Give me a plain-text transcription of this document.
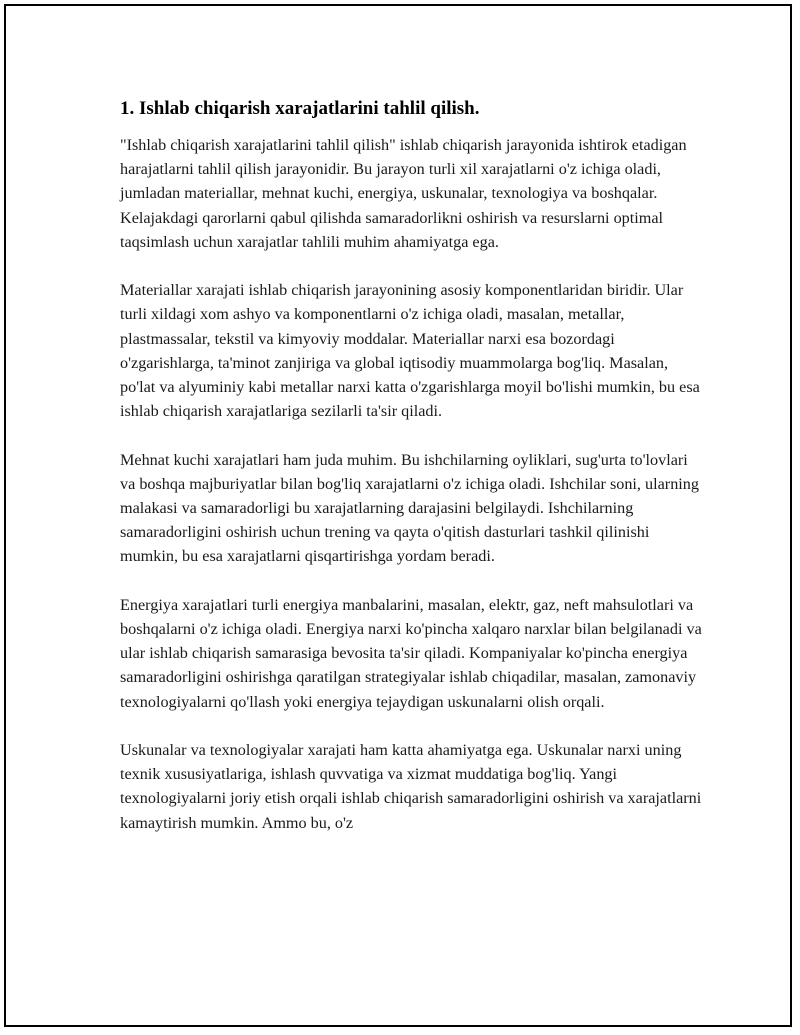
1. Ishlab chiqarish xarajatlarini tahlil qilish.

"Ishlab chiqarish xarajatlarini tahlil qilish" ishlab chiqarish jarayonida ishtirok etadigan harajatlarni tahlil qilish jarayonidir. Bu jarayon turli xil xarajatlarni o'z ichiga oladi, jumladan materiallar, mehnat kuchi, energiya, uskunalar, texnologiya va boshqalar. Kelajakdagi qarorlarni qabul qilishda samaradorlikni oshirish va resurslarni optimal taqsimlash uchun xarajatlar tahlili muhim ahamiyatga ega.

Materiallar xarajati ishlab chiqarish jarayonining asosiy komponentlaridan biridir. Ular turli xildagi xom ashyo va komponentlarni o'z ichiga oladi, masalan, metallar, plastmassalar, tekstil va kimyoviy moddalar. Materiallar narxi esa bozordagi o'zgarishlarga, ta'minot zanjiriga va global iqtisodiy muammolarga bog'liq. Masalan, po'lat va alyuminiy kabi metallar narxi katta o'zgarishlarga moyil bo'lishi mumkin, bu esa ishlab chiqarish xarajatlariga sezilarli ta'sir qiladi.

Mehnat kuchi xarajatlari ham juda muhim. Bu ishchilarning oyliklari, sug'urta to'lovlari va boshqa majburiyatlar bilan bog'liq xarajatlarni o'z ichiga oladi. Ishchilar soni, ularning malakasi va samaradorligi bu xarajatlarning darajasini belgilaydi. Ishchilarning samaradorligini oshirish uchun trening va qayta o'qitish dasturlari tashkil qilinishi mumkin, bu esa xarajatlarni qisqartirishga yordam beradi.

Energiya xarajatlari turli energiya manbalarini, masalan, elektr, gaz, neft mahsulotlari va boshqalarni o'z ichiga oladi. Energiya narxi ko'pincha xalqaro narxlar bilan belgilanadi va ular ishlab chiqarish samarasiga bevosita ta'sir qiladi. Kompaniyalar ko'pincha energiya samaradorligini oshirishga qaratilgan strategiyalar ishlab chiqadilar, masalan, zamonaviy texnologiyalarni qo'llash yoki energiya tejaydigan uskunalarni olish orqali.

Uskunalar va texnologiyalar xarajati ham katta ahamiyatga ega. Uskunalar narxi uning texnik xususiyatlariga, ishlash quvvatiga va xizmat muddatiga bog'liq. Yangi texnologiyalarni joriy etish orqali ishlab chiqarish samaradorligini oshirish va xarajatlarni kamaytirish mumkin. Ammo bu, o'z
